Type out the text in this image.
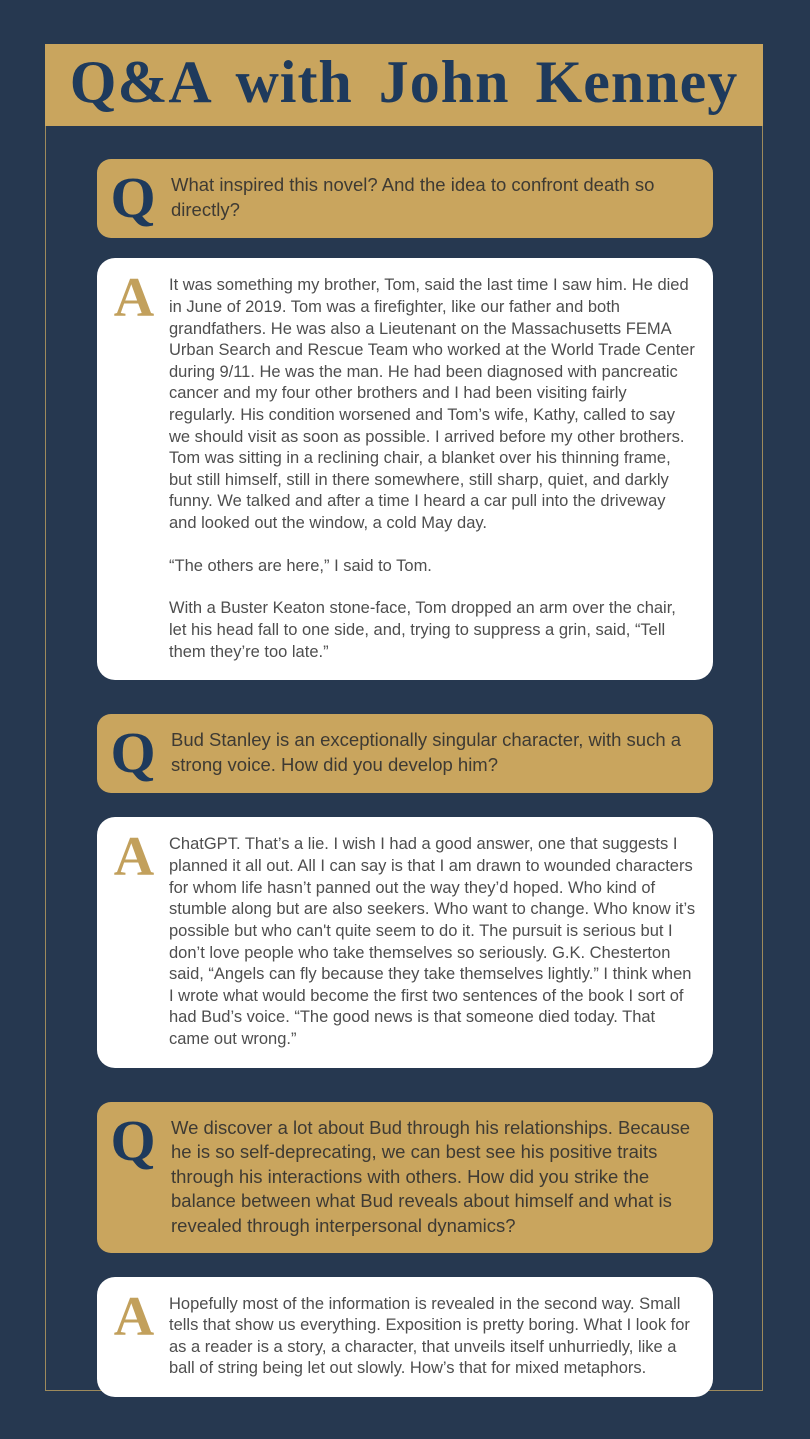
Q&A with John Kenney
Q What inspired this novel? And the idea to confront death so directly?

A It was something my brother, Tom, said the last time I saw him. He died in June of 2019. Tom was a firefighter, like our father and both grandfathers. He was also a Lieutenant on the Massachusetts FEMA Urban Search and Rescue Team who worked at the World Trade Center during 9/11. He was the man. He had been diagnosed with pancreatic cancer and my four other brothers and I had been visiting fairly regularly. His condition worsened and Tom’s wife, Kathy, called to say we should visit as soon as possible. I arrived before my other brothers. Tom was sitting in a reclining chair, a blanket over his thinning frame, but still himself, still in there somewhere, still sharp, quiet, and darkly funny. We talked and after a time I heard a car pull into the driveway and looked out the window, a cold May day.

“The others are here,” I said to Tom.

With a Buster Keaton stone-face, Tom dropped an arm over the chair, let his head fall to one side, and, trying to suppress a grin, said, “Tell them they’re too late.”

Q Bud Stanley is an exceptionally singular character, with such a strong voice. How did you develop him?

A ChatGPT. That’s a lie. I wish I had a good answer, one that suggests I planned it all out. All I can say is that I am drawn to wounded characters for whom life hasn’t panned out the way they’d hoped. Who kind of stumble along but are also seekers. Who want to change. Who know it’s possible but who can't quite seem to do it. The pursuit is serious but I don’t love people who take themselves so seriously. G.K. Chesterton said, “Angels can fly because they take themselves lightly.” I think when I wrote what would become the first two sentences of the book I sort of had Bud’s voice. “The good news is that someone died today. That came out wrong.”

Q We discover a lot about Bud through his relationships. Because he is so self-deprecating, we can best see his positive traits through his interactions with others. How did you strike the balance between what Bud reveals about himself and what is revealed through interpersonal dynamics?

A Hopefully most of the information is revealed in the second way. Small tells that show us everything. Exposition is pretty boring. What I look for as a reader is a story, a character, that unveils itself unhurriedly, like a ball of string being let out slowly. How’s that for mixed metaphors.
